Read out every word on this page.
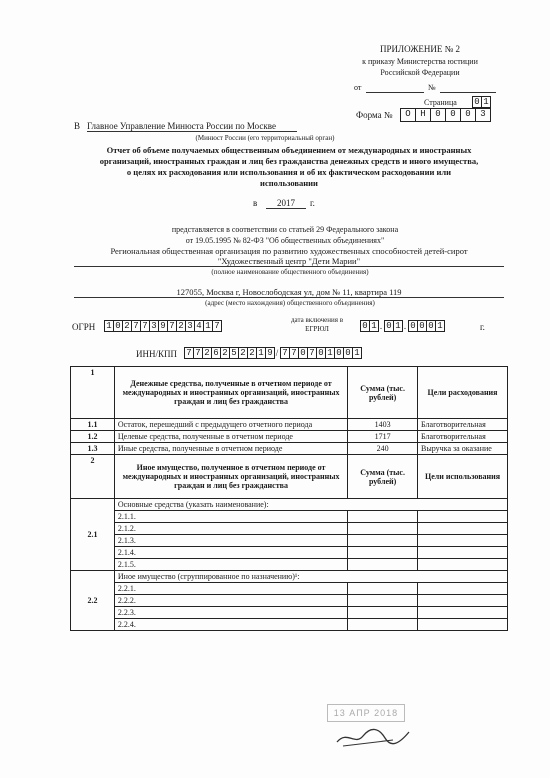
ПРИЛОЖЕНИЕ № 2
к приказу Министерства юстиции
Российской Федерации
от	№
Страница 0 1
Форма №	О	Н	0	0	0	3
В Главное Управление Минюста России по Москве
(Минюст России (его территориальный орган)
Отчет об объеме получаемых общественным объединением от международных и иностранных
организаций, иностранных граждан и лиц без гражданства денежных средств и иного имущества,
о целях их расходования или использования и об их фактическом расходовании или
использовании
в	2017	г.
представляется в соответствии со статьей 29 Федерального закона
от 19.05.1995 № 82-ФЗ "Об общественных объединениях"
Региональная общественная организация по развитию художественных способностей детей-сирот
"Художественный центр "Дети Марии"
(полное наименование общественного объединения)
127055, Москва г, Новослободская ул, дом № 11, квартира 119
(адрес (место нахождения) общественного объединения)
ОГРН 1 0 2 7 7 3 9 7 2 3 4 1 7
дата включения в
ЕГРЮЛ	0 1 . 0 1 . 0 0 0 1	г.
ИНН/КПП 7 7 2 6 2 5 2 2 1 9 / 7 7 0 7 0 1 0 0 1
1	Денежные средства, полученные в отчетном периоде от международных и иностранных организаций, иностранных граждан и лиц без гражданства	Сумма (тыс. рублей)	Цели расходования
1.1	Остаток, перешедший с предыдущего отчетного периода	1403	Благотворительная
1.2	Целевые средства, полученные в отчетном периоде	1717	Благотворительная
1.3	Иные средства, полученные в отчетном периоде	240	Выручка за оказание
2	Иное имущество, полученное в отчетном периоде от международных и иностранных организаций, иностранных граждан и лиц без гражданства	Сумма (тыс. рублей)	Цели использования
2.1	Основные средства (указать наименование):		
	2.1.1.		
	2.1.2.		
	2.1.3.		
	2.1.4.		
	2.1.5.		
2.2	Иное имущество (сгруппированное по назначению)¹:		
	2.2.1.		
	2.2.2.		
	2.2.3.		
	2.2.4.		
13 АПР 2018
